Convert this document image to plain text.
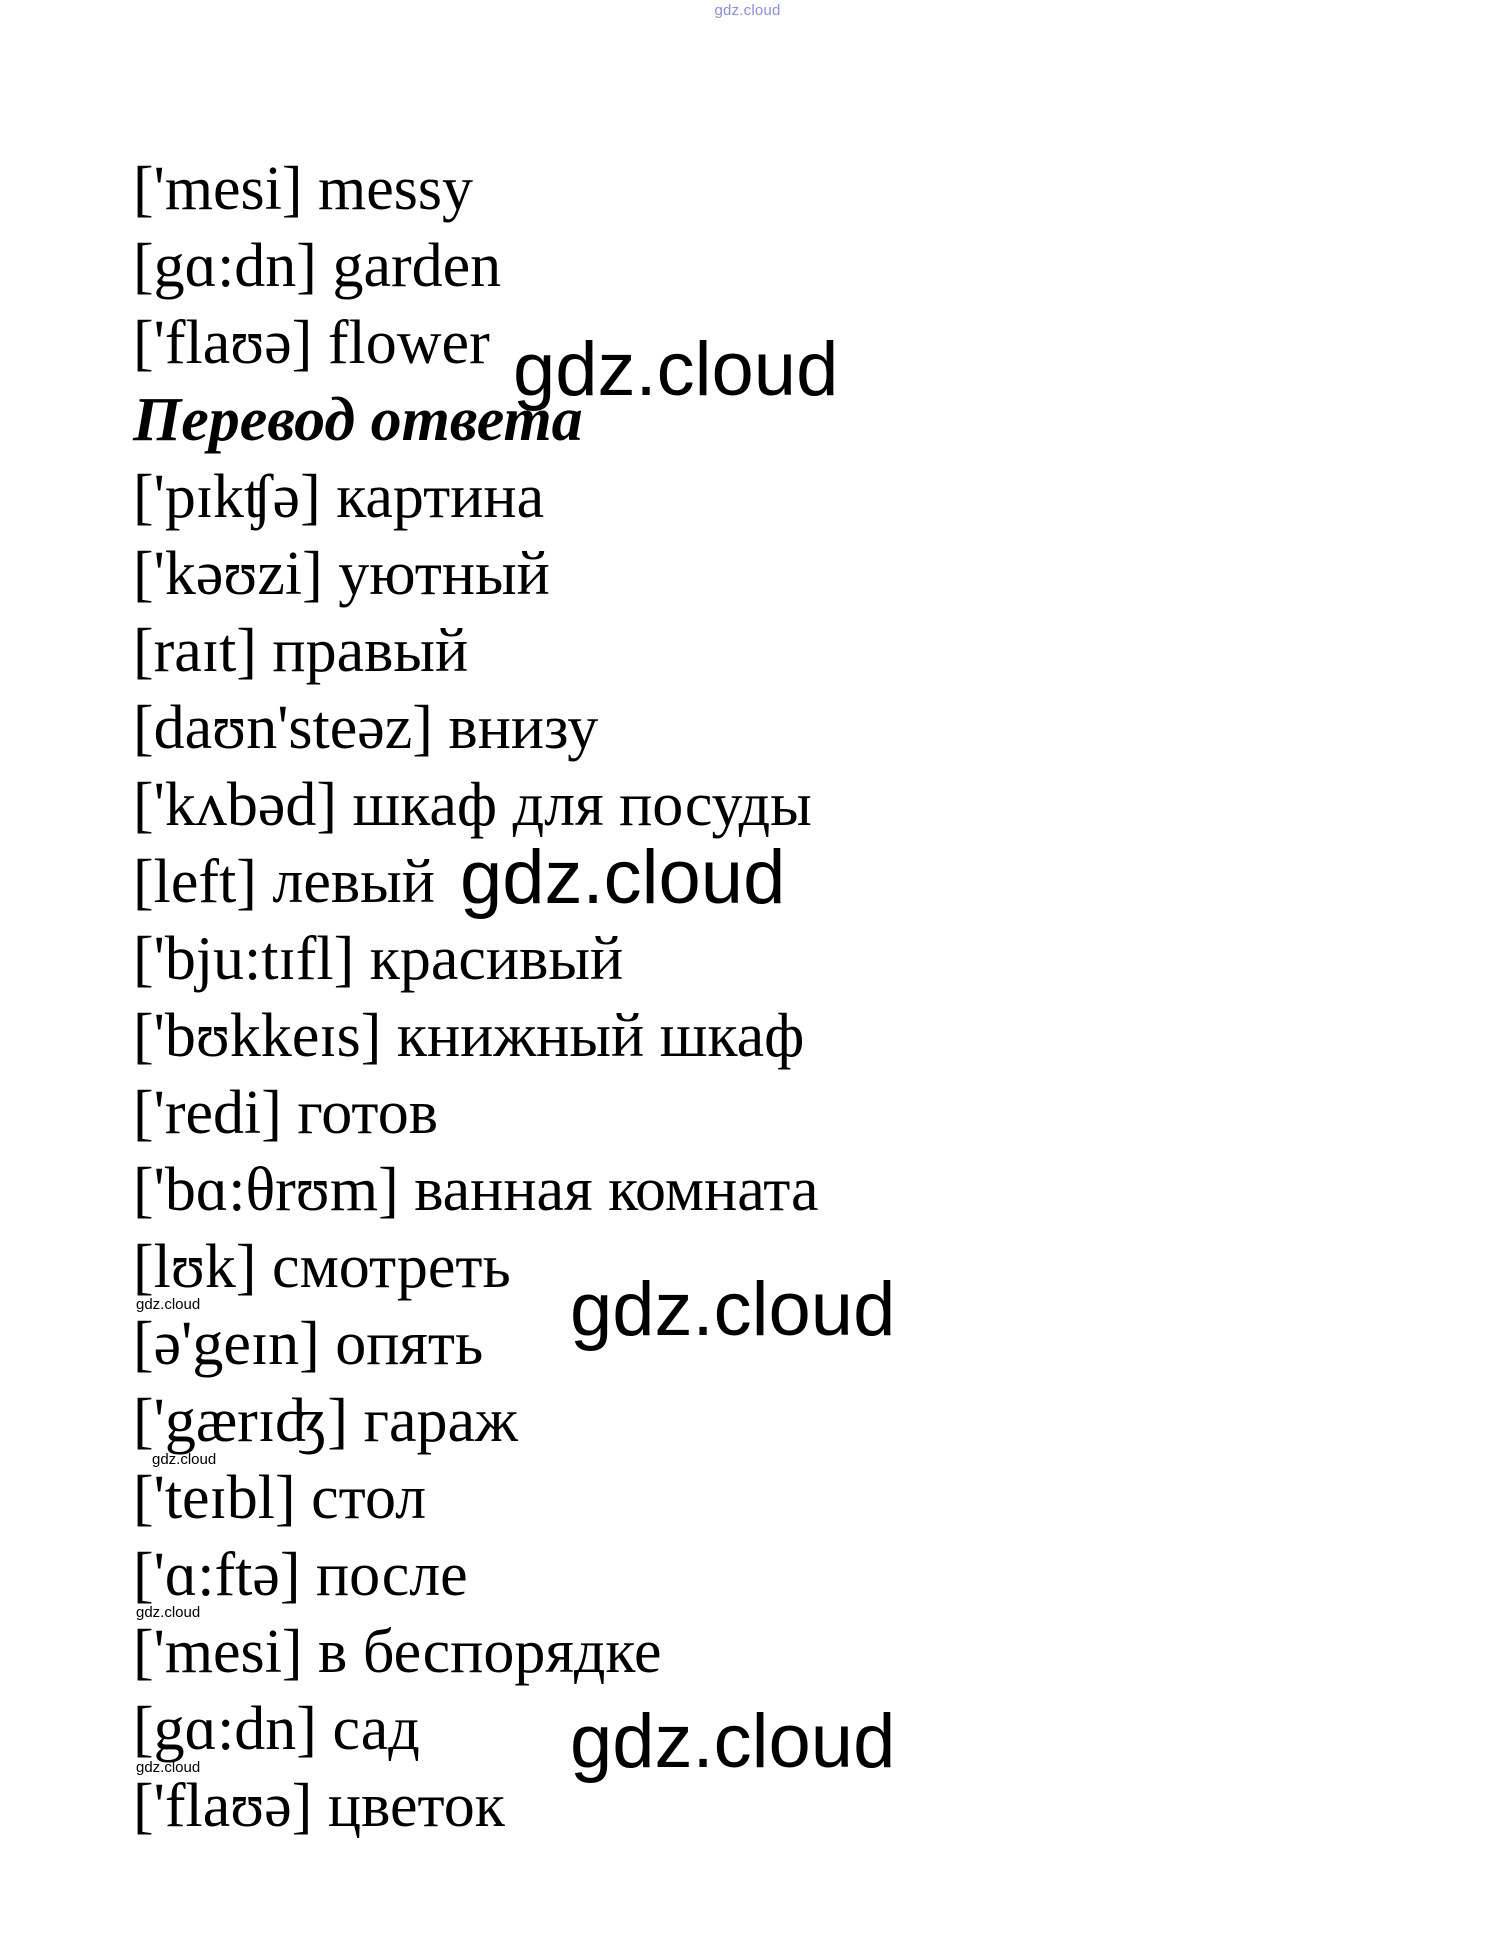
gdz.cloud
['mesi] messy
[gɑ:dn] garden
['flaʊə] flower
Перевод ответа
['pɪkʧə] картина
['kəʊzi] уютный
[raɪt] правый
[daʊn'steəz] внизу
['kʌbəd] шкаф для посуды
[left] левый
['bju:tɪfl] красивый
['bʊkkeɪs] книжный шкаф
['redi] готов
['bɑ:θrʊm] ванная комната
[lʊk] смотреть
[ə'geɪn] опять
['gærɪʤ] гараж
['teɪbl] стол
['ɑ:ftə] после
['mesi] в беспорядке
[gɑ:dn] сад
['flaʊə] цветок
gdz.cloud
gdz.cloud
gdz.cloud
gdz.cloud
gdz.cloud
gdz.cloud
gdz.cloud
gdz.cloud
